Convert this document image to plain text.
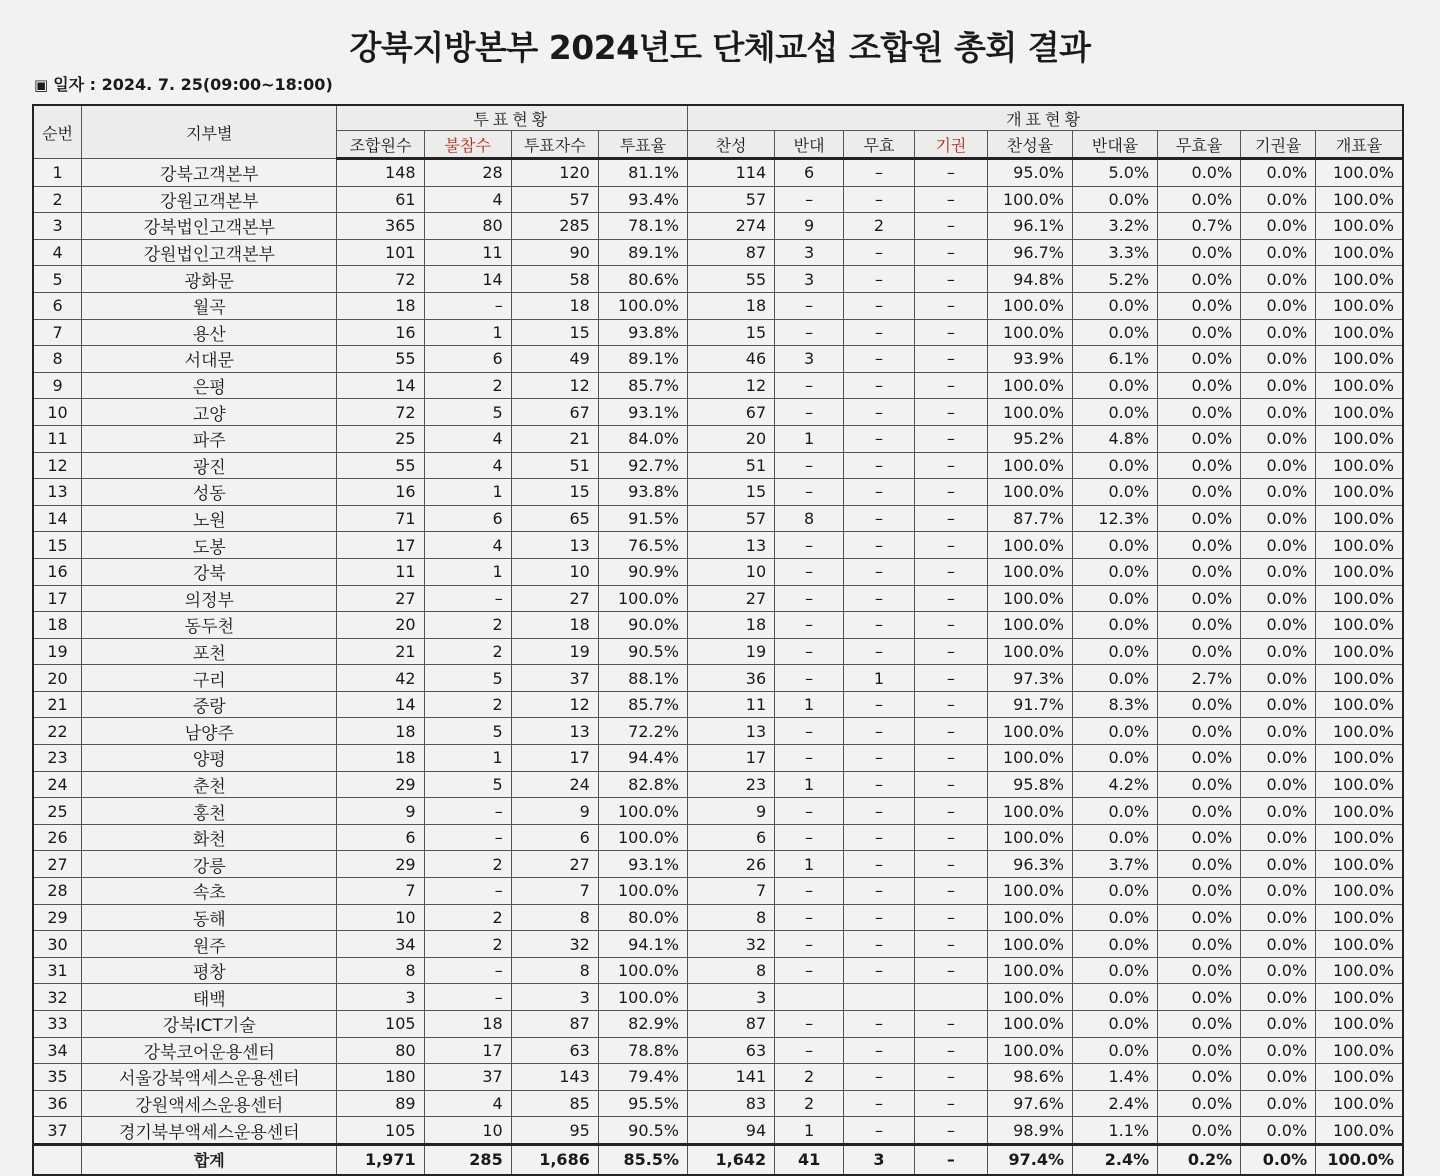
강북지방본부 2024년도 단체교섭 조합원 총회 결과
▣ 일자 : 2024. 7. 25(09:00~18:00)
순번	지부별	투표현황				개표현황								
		조합원수	불참수	투표자수	투표율	찬성	반대	무효	기권	찬성율	반대율	무효율	기권율	개표율
1	강북고객본부	148	28	120	81.1%	114	6	–	–	95.0%	5.0%	0.0%	0.0%	100.0%
2	강원고객본부	61	4	57	93.4%	57	–	–	–	100.0%	0.0%	0.0%	0.0%	100.0%
3	강북법인고객본부	365	80	285	78.1%	274	9	2	–	96.1%	3.2%	0.7%	0.0%	100.0%
4	강원법인고객본부	101	11	90	89.1%	87	3	–	–	96.7%	3.3%	0.0%	0.0%	100.0%
5	광화문	72	14	58	80.6%	55	3	–	–	94.8%	5.2%	0.0%	0.0%	100.0%
6	월곡	18	–	18	100.0%	18	–	–	–	100.0%	0.0%	0.0%	0.0%	100.0%
7	용산	16	1	15	93.8%	15	–	–	–	100.0%	0.0%	0.0%	0.0%	100.0%
8	서대문	55	6	49	89.1%	46	3	–	–	93.9%	6.1%	0.0%	0.0%	100.0%
9	은평	14	2	12	85.7%	12	–	–	–	100.0%	0.0%	0.0%	0.0%	100.0%
10	고양	72	5	67	93.1%	67	–	–	–	100.0%	0.0%	0.0%	0.0%	100.0%
11	파주	25	4	21	84.0%	20	1	–	–	95.2%	4.8%	0.0%	0.0%	100.0%
12	광진	55	4	51	92.7%	51	–	–	–	100.0%	0.0%	0.0%	0.0%	100.0%
13	성동	16	1	15	93.8%	15	–	–	–	100.0%	0.0%	0.0%	0.0%	100.0%
14	노원	71	6	65	91.5%	57	8	–	–	87.7%	12.3%	0.0%	0.0%	100.0%
15	도봉	17	4	13	76.5%	13	–	–	–	100.0%	0.0%	0.0%	0.0%	100.0%
16	강북	11	1	10	90.9%	10	–	–	–	100.0%	0.0%	0.0%	0.0%	100.0%
17	의정부	27	–	27	100.0%	27	–	–	–	100.0%	0.0%	0.0%	0.0%	100.0%
18	동두천	20	2	18	90.0%	18	–	–	–	100.0%	0.0%	0.0%	0.0%	100.0%
19	포천	21	2	19	90.5%	19	–	–	–	100.0%	0.0%	0.0%	0.0%	100.0%
20	구리	42	5	37	88.1%	36	–	1	–	97.3%	0.0%	2.7%	0.0%	100.0%
21	중랑	14	2	12	85.7%	11	1	–	–	91.7%	8.3%	0.0%	0.0%	100.0%
22	남양주	18	5	13	72.2%	13	–	–	–	100.0%	0.0%	0.0%	0.0%	100.0%
23	양평	18	1	17	94.4%	17	–	–	–	100.0%	0.0%	0.0%	0.0%	100.0%
24	춘천	29	5	24	82.8%	23	1	–	–	95.8%	4.2%	0.0%	0.0%	100.0%
25	홍천	9	–	9	100.0%	9	–	–	–	100.0%	0.0%	0.0%	0.0%	100.0%
26	화천	6	–	6	100.0%	6	–	–	–	100.0%	0.0%	0.0%	0.0%	100.0%
27	강릉	29	2	27	93.1%	26	1	–	–	96.3%	3.7%	0.0%	0.0%	100.0%
28	속초	7	–	7	100.0%	7	–	–	–	100.0%	0.0%	0.0%	0.0%	100.0%
29	동해	10	2	8	80.0%	8	–	–	–	100.0%	0.0%	0.0%	0.0%	100.0%
30	원주	34	2	32	94.1%	32	–	–	–	100.0%	0.0%	0.0%	0.0%	100.0%
31	평창	8	–	8	100.0%	8	–	–	–	100.0%	0.0%	0.0%	0.0%	100.0%
32	태백	3	–	3	100.0%	3				100.0%	0.0%	0.0%	0.0%	100.0%
33	강북ICT기술	105	18	87	82.9%	87	–	–	–	100.0%	0.0%	0.0%	0.0%	100.0%
34	강북코어운용센터	80	17	63	78.8%	63	–	–	–	100.0%	0.0%	0.0%	0.0%	100.0%
35	서울강북액세스운용센터	180	37	143	79.4%	141	2	–	–	98.6%	1.4%	0.0%	0.0%	100.0%
36	강원액세스운용센터	89	4	85	95.5%	83	2	–	–	97.6%	2.4%	0.0%	0.0%	100.0%
37	경기북부액세스운용센터	105	10	95	90.5%	94	1	–	–	98.9%	1.1%	0.0%	0.0%	100.0%
	합계	1,971	285	1,686	85.5%	1,642	41	3	–	97.4%	2.4%	0.2%	0.0%	100.0%
